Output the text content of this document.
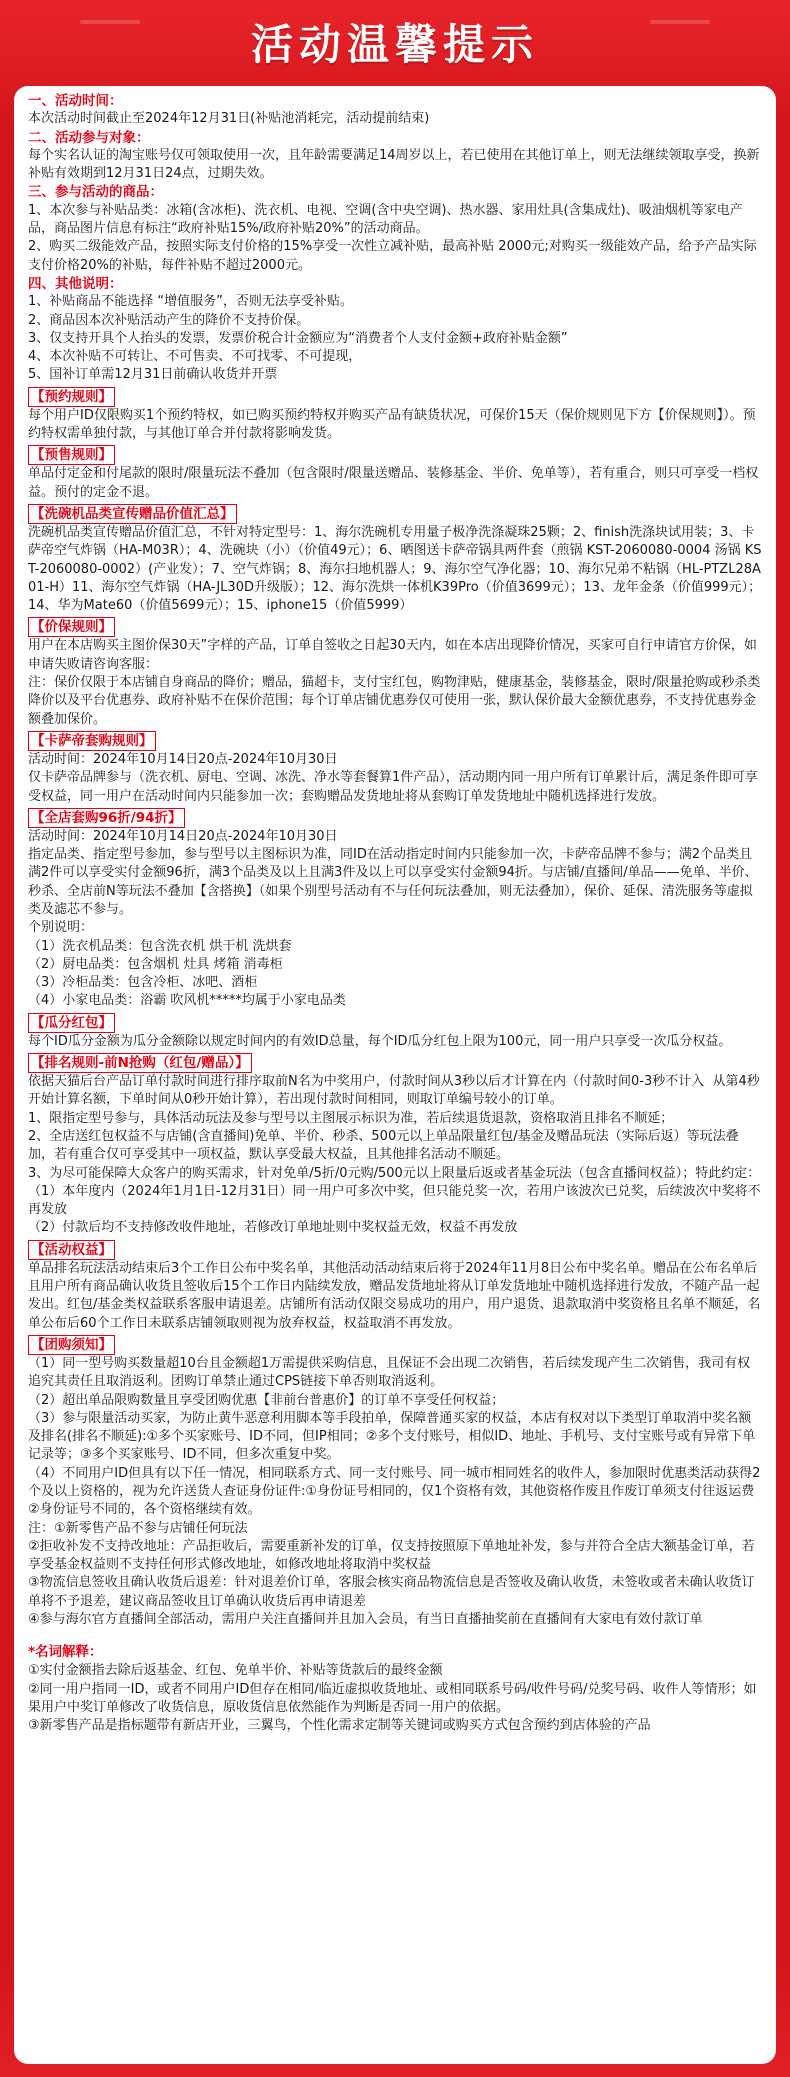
活动温馨提示
一、活动时间：
本次活动时间截止至2024年12月31日(补贴池消耗完，活动提前结束)
二、活动参与对象：
每个实名认证的淘宝账号仅可领取使用一次，且年龄需要满足14周岁以上，若已使用在其他订单上，则无法继续领取享受，换新补贴有效期到12月31日24点，过期失效。
三、参与活动的商品：
1、本次参与补贴品类：冰箱(含冰柜)、洗衣机、电视、空调(含中央空调)、热水器、家用灶具(含集成灶)、吸油烟机等家电产品，商品图片信息有标注“政府补贴15%/政府补贴20%”的活动商品。
2、购买二级能效产品，按照实际支付价格的15%享受一次性立减补贴，最高补贴 2000元;对购买一级能效产品，给予产品实际支付价格20%的补贴，每件补贴不超过2000元。
四、其他说明：
1、补贴商品不能选择 “增值服务”，否则无法享受补贴。
2、商品因本次补贴活动产生的降价不支持价保。
3、仅支持开具个人抬头的发票，发票价税合计金额应为“消费者个人支付金额+政府补贴金额”
4、本次补贴不可转让、不可售卖、不可找零、不可提现，
5、国补订单需12月31日前确认收货并开票
【预约规则】
每个用户ID仅限购买1个预约特权，如已购买预约特权并购买产品有缺货状况，可保价15天（保价规则见下方【价保规则】）。预约特权需单独付款，与其他订单合并付款将影响发货。
【预售规则】
单品付定金和付尾款的限时/限量玩法不叠加（包含限时/限量送赠品、装修基金、半价、免单等），若有重合，则只可享受一档权益。预付的定金不退。
【洗碗机品类宣传赠品价值汇总】
洗碗机品类宣传赠品价值汇总，不针对特定型号：1、海尔洗碗机专用量子极净洗涤凝珠25颗；2、finish洗涤块试用装；3、卡萨帝空气炸锅（HA-M03R）；4、洗碗块（小）（价值49元）；6、晒图送卡萨帝锅具两件套（煎锅 KST-2060080-0004 汤锅 KST-2060080-0002）(产业发）；7、空气炸锅；8、海尔扫地机器人；9、海尔空气净化器；10、海尔兄弟不粘锅（HL-PTZL28A01-H）11、海尔空气炸锅（HA-JL30D升级版）；12、海尔洗烘一体机K39Pro（价值3699元）；13、龙年金条（价值999元）；14、华为Mate60（价值5699元）；15、iphone15（价值5999）
【价保规则】
用户在本店购买主图价保30天”字样的产品，订单自签收之日起30天内，如在本店出现降价情况，买家可自行申请官方价保，如申请失败请咨询客服：
注：保价仅限于本店铺自身商品的降价；赠品，猫超卡，支付宝红包，购物津贴，健康基金，装修基金，限时/限量抢购或秒杀类降价以及平台优惠券、政府补贴不在保价范围；每个订单店铺优惠券仅可使用一张，默认保价最大金额优惠券，不支持优惠券金额叠加保价。
【卡萨帝套购规则】
活动时间：2024年10月14日20点-2024年10月30日
仅卡萨帝品牌参与（洗衣机、厨电、空调、冰洗、净水等套餐算1件产品），活动期内同一用户所有订单累计后，满足条件即可享受权益，同一用户在活动时间内只能参加一次；套购赠品发货地址将从套购订单发货地址中随机选择进行发放。
【全店套购96折/94折】
活动时间：2024年10月14日20点-2024年10月30日
指定品类、指定型号参加，参与型号以主图标识为准，同ID在活动指定时间内只能参加一次，卡萨帝品牌不参与；满2个品类且满2件可以享受实付金额96折，满3个品类及以上且满3件及以上可以享受实付金额94折。与店铺/直播间/单品——免单、半价、秒杀、全店前N等玩法不叠加【含搭换】（如果个别型号活动有不与任何玩法叠加，则无法叠加），保价、延保、清洗服务等虚拟类及滤芯不参与。
个别说明：
（1）洗衣机品类：包含洗衣机 烘干机 洗烘套
（2）厨电品类：包含烟机 灶具 烤箱 消毒柜
（3）冷柜品类：包含冷柜、冰吧、酒柜
（4）小家电品类：浴霸 吹风机*****均属于小家电品类
【瓜分红包】
每个ID瓜分金额为瓜分金额除以规定时间内的有效ID总量，每个ID瓜分红包上限为100元，同一用户只享受一次瓜分权益。
【排名规则-前N抢购（红包/赠品）】
依据天猫后台产品订单付款时间进行排序取前N名为中奖用户，付款时间从3秒以后才计算在内（付款时间0-3秒不计入  从第4秒开始计算名额，下单时间从0秒开始计算），若出现付款时间相同，则取订单编号较小的订单。
1、限指定型号参与，具体活动玩法及参与型号以主图展示标识为准，若后续退货退款，资格取消且排名不顺延；
2、全店送红包权益不与店铺(含直播间)免单、半价、秒杀、500元以上单品限量红包/基金及赠品玩法（实际后返）等玩法叠加，若有重合仅可享受其中一项权益，默认享受最大权益，且其他排名活动不顺延。
3、为尽可能保障大众客户的购买需求，针对免单/5折/0元购/500元以上限量后返或者基金玩法（包含直播间权益）；特此约定：
（1）本年度内（2024年1月1日-12月31日）同一用户可多次中奖，但只能兑奖一次，若用户该波次已兑奖，后续波次中奖将不再发放
（2）付款后均不支持修改收件地址，若修改订单地址则中奖权益无效，权益不再发放
【活动权益】
单品排名玩法活动结束后3个工作日公布中奖名单，其他活动活动结束后将于2024年11月8日公布中奖名单。赠品在公布名单后且用户所有商品确认收货且签收后15个工作日内陆续发放，赠品发货地址将从订单发货地址中随机选择进行发放，不随产品一起发出。红包/基金类权益联系客服申请退差。店铺所有活动仅限交易成功的用户，用户退货、退款取消中奖资格且名单不顺延，名单公布后60个工作日未联系店铺领取则视为放弃权益，权益取消不再发放。
【团购须知】
（1）同一型号购买数量超10台且金额超1万需提供采购信息，且保证不会出现二次销售，若后续发现产生二次销售，我司有权追究其责任且取消返利。团购订单禁止通过CPS链接下单否则取消返利。
（2）超出单品限购数量且享受团购优惠【非前台普惠价】的订单不享受任何权益；
（3）参与限量活动买家，为防止黄牛恶意利用脚本等手段拍单，保障普通买家的权益，本店有权对以下类型订单取消中奖名额及排名(排名不顺延):①多个买家账号、ID不同，但IP相同；②多个支付账号，相似ID、地址、手机号、支付宝账号或有异常下单记录等；③多个买家账号、ID不同，但多次重复中奖。
（4）不同用户ID但具有以下任一情况，相同联系方式、同一支付账号、同一城市相同姓名的收件人，参加限时优惠类活动获得2个及以上资格的，视为允许送货人查证身份证件:①身份证号相同的，仅1个资格有效，其他资格作废且作废订单须支付往返运费②身份证号不同的，各个资格继续有效。
注：①新零售产品不参与店铺任何玩法
②拒收补发不支持改地址：产品拒收后，需要重新补发的订单，仅支持按照原下单地址补发，参与并符合全店大额基金订单，若享受基金权益则不支持任何形式修改地址，如修改地址将取消中奖权益
③物流信息签收且确认收货后退差：针对退差价订单，客服会核实商品物流信息是否签收及确认收货，未签收或者未确认收货订单将不予退差，建议商品签收且订单确认收货后再申请退差
④参与海尔官方直播间全部活动，需用户关注直播间并且加入会员，有当日直播抽奖前在直播间有大家电有效付款订单
*名词解释：
①实付金额指去除后返基金、红包、免单半价、补贴等货款后的最终金额
②同一用户指同一ID，或者不同用户ID但存在相同/临近虚拟收货地址、或相同联系号码/收件号码/兑奖号码、收件人等情形；如果用户中奖订单修改了收货信息，原收货信息依然能作为判断是否同一用户的依据。
③新零售产品是指标题带有新店开业，三翼鸟，个性化需求定制等关键词或购买方式包含预约到店体验的产品
